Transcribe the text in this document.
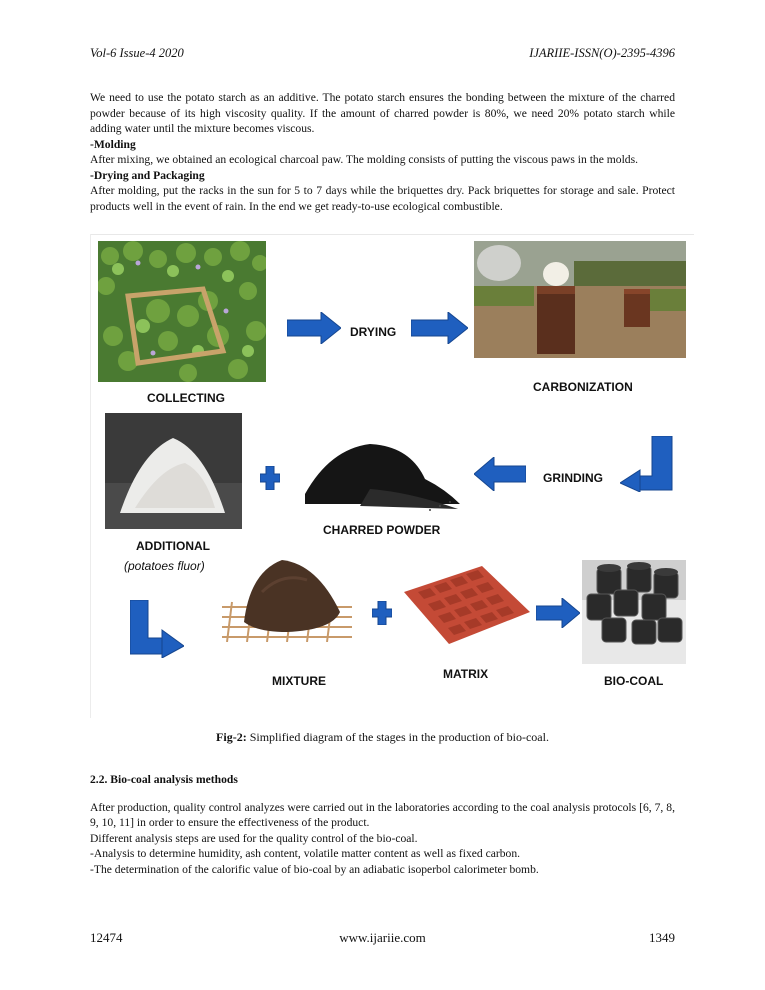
Vol-6 Issue-4 2020	IJARIIE-ISSN(O)-2395-4396

We need to use the potato starch as an additive. The potato starch ensures the bonding between the mixture of the charred powder because of its high viscosity quality. If the amount of charred powder is 80%, we need 20% potato starch while adding water until the mixture becomes viscous.

-Molding

After mixing, we obtained an ecological charcoal paw. The molding consists of putting the viscous paws in the molds.

-Drying and Packaging

After molding, put the racks in the sun for 5 to 7 days while the briquettes dry. Pack briquettes for storage and sale. Protect products well in the event of rain. In the end we get ready-to-use ecological combustible.

COLLECTING
DRYING
CARBONIZATION
GRINDING
CHARRED POWDER
ADDITIONAL
(potatoes fluor)
MIXTURE	MATRIX	BIO-COAL
Fig-2: Simplified diagram of the stages in the production of bio-coal.

2.2. Bio-coal analysis methods

After production, quality control analyzes were carried out in the laboratories according to the coal analysis protocols [6, 7, 8, 9, 10, 11] in order to ensure the effectiveness of the product.

Different analysis steps are used for the quality control of the bio-coal.

-Analysis to determine humidity, ash content, volatile matter content as well as fixed carbon.

-The determination of the calorific value of bio-coal by an adiabatic isoperbol calorimeter bomb.

12474	www.ijariie.com	1349
